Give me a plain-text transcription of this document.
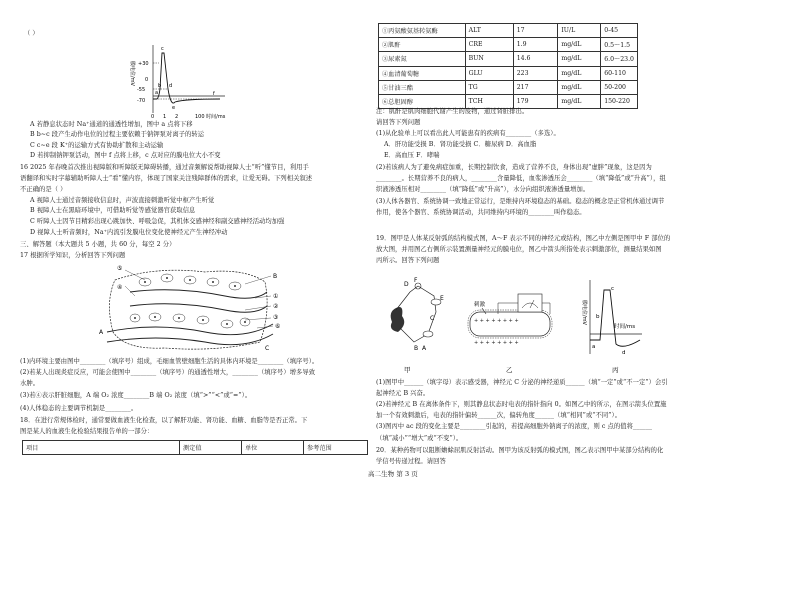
（ ）
膜电位/mV +30
0
-55
-70
0 1 2	100 时间/ms
a
b
c
d
e
f
A 若静息状态时 Na⁺通道的通透性增加，图中 a 点将下移
B b~c 段产生动作电位的过程主要依赖于钠钾泵对离子的转运
C c~e 段 K⁺的运输方式有协助扩散和主动运输
D 若抑制钠钾泵活动，图中 f 点将上移，c 点对应的膜电位大小不变
16 2025 年春晚首次推出视障版和听障版无障碍转播，通过音频解说帮助视障人士“听”懂节目，利用手
语翻译和实时字幕辅助听障人士“看”懂内容，体现了国家关注残障群体的需求，让爱无碍。下列相关叙述
不正确的是（ ）
A 视障人士通过音频接收信息时，声波直接刺激听觉中枢产生听觉
B 视障人士在黑暗环境中，可借助听觉等感觉器官获取信息
C 听障人士因节目精彩出现心跳加快、呼吸急促，其机体交感神经和副交感神经活动均加强
D 视障人士听音频时，Na⁺内流引发膜电位变化使神经元产生神经冲动
三、解答题（本大题共 5 小题，共 60 分，每空 2 分）
17 根据所学知识，分析回答下列问题
⑤
④
B
①
②
③
⑥
A
C
(1)内环境主要由图中________（填序号）组成，毛细血管壁细胞生活的具体内环境是________（填序号）。
(2)若某人出现炎症反应，可能会使图中________（填序号）的通透性增大，________（填序号）增多导致
水肿。
(3)若④表示肝脏细胞，A 端 O₂ 浓度________B 端 O₂ 浓度（填“>”“<”或“=”）。
(4)人体稳态的主要调节机制是________。
18．在进行常规体检时，通常要做血液生化检查，以了解肝功能、肾功能、血糖、血脂等是否正常。下
图是某人的血液生化检验结果报告单的一部分：
项目	测定值	单位	参考范围
①丙氨酸氨基转氨酶	ALT	17	IU/L	0-45
②肌酐	CRE	1.9	mg/dL	0.5～1.5
③尿素氮	BUN	14.6	mg/dL	6.0～23.0
④血清葡萄糖	GLU	223	mg/dL	60-110
⑤甘油三酯	TG	217	mg/dL	50-200
⑥总胆固醇	TCH	179	mg/dL	150-220
注：肌酐是肌肉细胞代谢产生的废物，通过肾脏排出。
请回答下列问题
(1)从化验单上可以看出此人可能患有的疾病有________（多选）。
A．肝功能受损 B．肾功能受损 C．糖尿病 D．高血脂
E．高血压 F．哮喘
(2)若该病人为了避免病症加重，长期控制饮食，造成了营养不良，身体出现“虚胖”现象，这是因为
________。长期营养不良的病人，________含量降低，血浆渗透压会________（填“降低”或“升高”），组
织液渗透压相对________（填“降低”或“升高”），水分向组织液渗透量增加。
(3)人体各器官、系统协调一致地正常运行，是维持内环境稳态的基础。稳态的概念是正常机体通过调节
作用，使各个器官、系统协调活动，共同维持内环境的________叫作稳态。
19．图甲是人体某反射弧的结构模式图，A～F 表示不同的神经元或结构，图乙中左侧是图甲中 F 部位的
放大图，并用图乙右侧所示装置测量神经元的膜电位，图乙中箭头所指处表示刺激部位，测量结果如图
丙所示。回答下列问题
D
F
E
C
B A
甲
刺激
+ + + + + + + +
+ + + + + + + +
乙
膜电位/mV
时间/ms
a
b
c
d
丙
(1)图甲中______（填字母）表示感受器，神经元 C 分泌的神经递质______（填“一定”或“不一定”）会引
起神经元 B 兴奋。
(2)若神经元 B 在离体条件下，则其静息状态时电表的指针指向 0。如图乙中的所示，在图示箭头位置施
加一个有效刺激后，电表的指针偏转______次，偏转角度______（填“相同”或“不同”）。
(3)图丙中 ac 段的变化主要是________引起的，若提高细胞外钠离子的浓度，则 c 点的值将______
（填“减小”“增大”或“不变”）。
20．某种药物可以阻断蟾蜍屈肌反射活动。图甲为该反射弧的模式图，图乙表示图甲中某部分结构的化
学信号传递过程。请回答
高二生物 第 3 页
